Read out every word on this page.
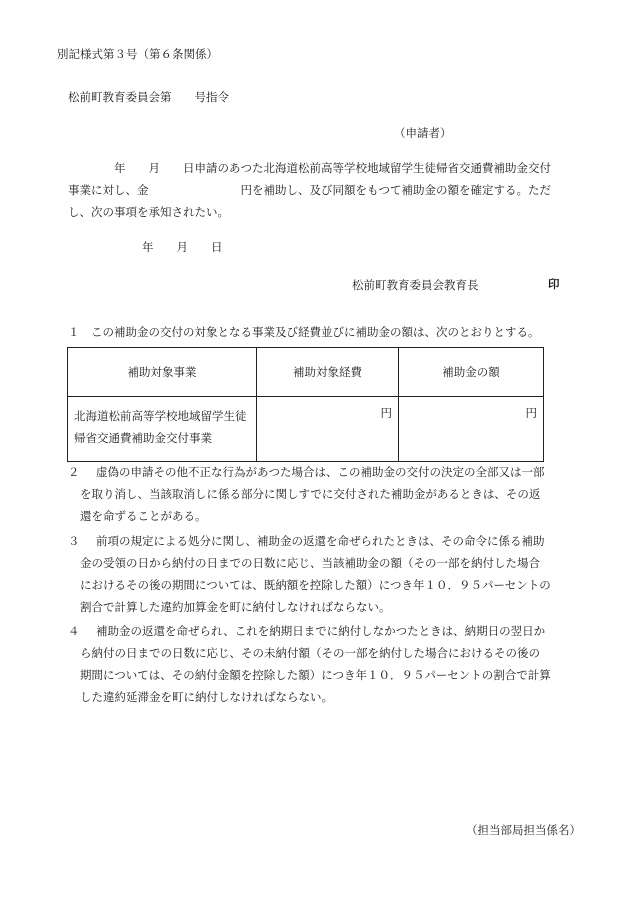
別記様式第３号（第６条関係）
松前町教育委員会第　　号指令
（申請者）
　　　　年　　月　　日申請のあつた北海道松前高等学校地域留学生徒帰省交通費補助金交付
事業に対し、金　　　　　　　　円を補助し、及び同額をもつて補助金の額を確定する。ただ
し、次の事項を承知されたい。
年　　月　　日
松前町教育委員会教育長	印
１　この補助金の交付の対象となる事業及び経費並びに補助金の額は、次のとおりとする。
補助対象事業	補助対象経費	補助金の額
北海道松前高等学校地域留学生徒帰省交通費補助金交付事業	円	円
２	虚偽の申請その他不正な行為があつた場合は、この補助金の交付の決定の全部又は一部
を取り消し、当該取消しに係る部分に関しすでに交付された補助金があるときは、その返
還を命ずることがある。
３	前項の規定による処分に関し、補助金の返還を命ぜられたときは、その命令に係る補助
金の受領の日から納付の日までの日数に応じ、当該補助金の額（その一部を納付した場合
におけるその後の期間については、既納額を控除した額）につき年１０．９５パーセントの
割合で計算した違約加算金を町に納付しなければならない。
４	補助金の返還を命ぜられ、これを納期日までに納付しなかつたときは、納期日の翌日か
ら納付の日までの日数に応じ、その未納付額（その一部を納付した場合におけるその後の
期間については、その納付金額を控除した額）につき年１０．９５パーセントの割合で計算
した違約延滞金を町に納付しなければならない。
（担当部局担当係名）
